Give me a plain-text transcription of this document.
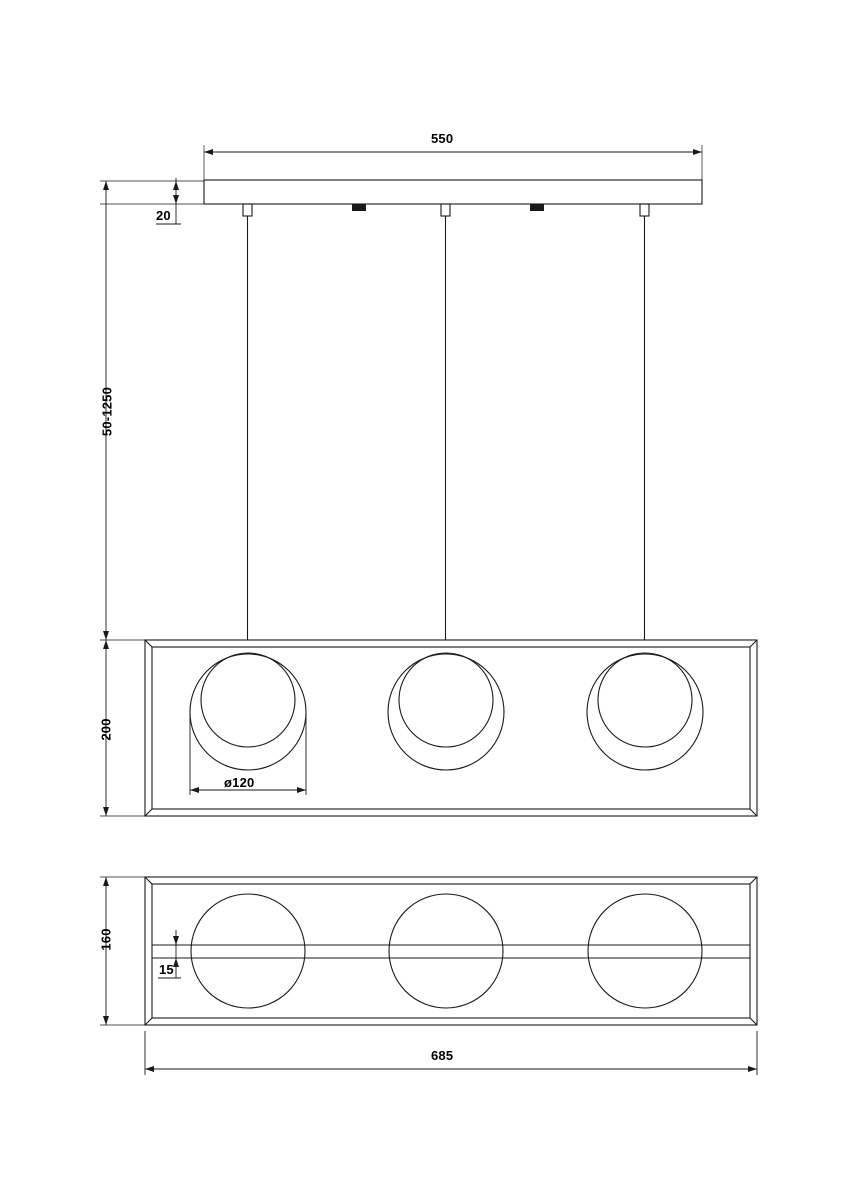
550
20
50-1250
200
ø120
160
15
685
